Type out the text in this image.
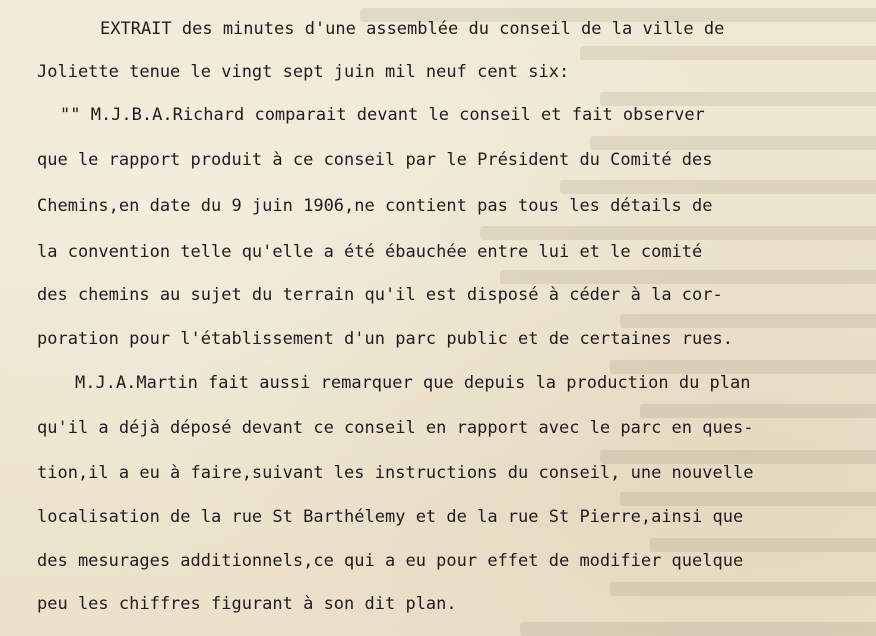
EXTRAIT des minutes d'une assemblée du conseil de la ville de

Joliette tenue le vingt sept juin mil neuf cent six:

"" M.J.B.A.Richard comparait devant le conseil et fait observer

que le rapport produit à ce conseil par le Président du Comité des

Chemins,en date du 9 juin 1906,ne contient pas tous les détails de

la convention telle qu'elle a été ébauchée entre lui et le comité

des chemins au sujet du terrain qu'il est disposé à céder à la cor-

poration pour l'établissement d'un parc public et de certaines rues.

M.J.A.Martin fait aussi remarquer que depuis la production du plan

qu'il a déjà déposé devant ce conseil en rapport avec le parc en ques-

tion,il a eu à faire,suivant les instructions du conseil, une nouvelle

localisation de la rue St Barthélemy et de la rue St Pierre,ainsi que

des mesurages additionnels,ce qui a eu pour effet de modifier quelque

peu les chiffres figurant à son dit plan.
